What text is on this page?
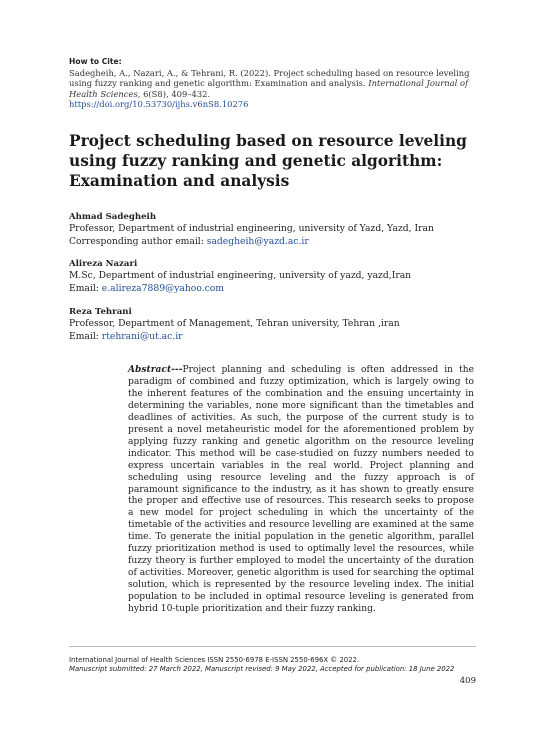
How to Cite:
Sadegheih, A., Nazari, A., & Tehrani, R. (2022). Project scheduling based on resource leveling using fuzzy ranking and genetic algorithm: Examination and analysis. International Journal of Health Sciences, 6(S8), 409–432.
https://doi.org/10.53730/ijhs.v6nS8.10276
Project scheduling based on resource leveling using fuzzy ranking and genetic algorithm: Examination and analysis
Ahmad Sadegheih
Professor, Department of industrial engineering, university of Yazd, Yazd, Iran
Corresponding author email: sadegheih@yazd.ac.ir
Alireza Nazari
M.Sc, Department of industrial engineering, university of yazd, yazd,Iran
Email: e.alireza7889@yahoo.com
Reza Tehrani
Professor, Department of Management, Tehran university, Tehran ,iran
Email: rtehrani@ut.ac.ir

Abstract---Project planning and scheduling is often addressed in the paradigm of combined and fuzzy optimization, which is largely owing to the inherent features of the combination and the ensuing uncertainty in determining the variables, none more significant than the timetables and deadlines of activities. As such, the purpose of the current study is to present a novel metaheuristic model for the aforementioned problem by applying fuzzy ranking and genetic algorithm on the resource leveling indicator. This method will be case-studied on fuzzy numbers needed to express uncertain variables in the real world. Project planning and scheduling using resource leveling and the fuzzy approach is of paramount significance to the industry, as it has shown to greatly ensure the proper and effective use of resources. This research seeks to propose a new model for project scheduling in which the uncertainty of the timetable of the activities and resource levelling are examined at the same time. To generate the initial population in the genetic algorithm, parallel fuzzy prioritization method is used to optimally level the resources, while fuzzy theory is further employed to model the uncertainty of the duration of activities. Moreover, genetic algorithm is used for searching the optimal solution, which is represented by the resource leveling index. The initial population to be included in optimal resource leveling is generated from hybrid 10-tuple prioritization and their fuzzy ranking.

International Journal of Health Sciences ISSN 2550-6978 E-ISSN 2550-696X © 2022.
Manuscript submitted: 27 March 2022, Manuscript revised: 9 May 2022, Accepted for publication: 18 June 2022
409
